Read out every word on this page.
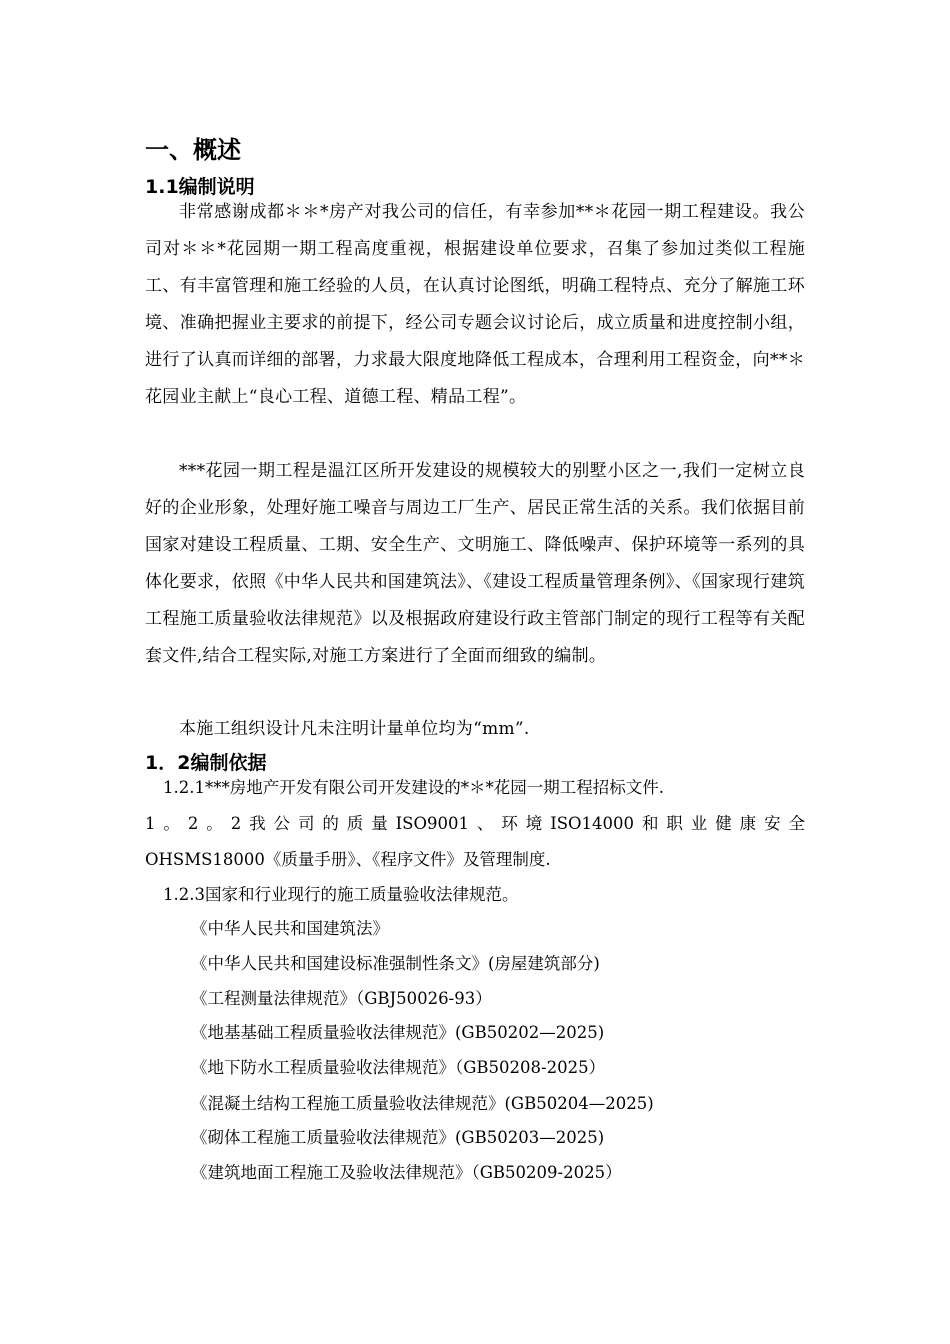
一、概述
1.1编制说明
非常感谢成都＊＊*房产对我公司的信任，有幸参加**＊花园一期工程建设。我公司对＊＊*花园期一期工程高度重视，根据建设单位要求，召集了参加过类似工程施工、有丰富管理和施工经验的人员，在认真讨论图纸，明确工程特点、充分了解施工环境、准确把握业主要求的前提下，经公司专题会议讨论后，成立质量和进度控制小组，进行了认真而详细的部署，力求最大限度地降低工程成本，合理利用工程资金，向**＊花园业主献上“良心工程、道德工程、精品工程”。
***花园一期工程是温江区所开发建设的规模较大的别墅小区之一,我们一定树立良好的企业形象，处理好施工噪音与周边工厂生产、居民正常生活的关系。我们依据目前国家对建设工程质量、工期、安全生产、文明施工、降低噪声、保护环境等一系列的具体化要求，依照《中华人民共和国建筑法》、《建设工程质量管理条例》、《国家现行建筑工程施工质量验收法律规范》以及根据政府建设行政主管部门制定的现行工程等有关配套文件,结合工程实际,对施工方案进行了全面而细致的编制。
本施工组织设计凡未注明计量单位均为“mm”.
1．2编制依据
1.2.1***房地产开发有限公司开发建设的*＊*花园一期工程招标文件.
1。2。2我公司的质量ISO9001、环境ISO14000和职业健康安全
OHSMS18000《质量手册》、《程序文件》及管理制度.
1.2.3国家和行业现行的施工质量验收法律规范。
《中华人民共和国建筑法》
《中华人民共和国建设标准强制性条文》(房屋建筑部分)
《工程测量法律规范》（GBJ50026-93）
《地基基础工程质量验收法律规范》(GB50202—2025)
《地下防水工程质量验收法律规范》（GB50208-2025）
《混凝土结构工程施工质量验收法律规范》(GB50204—2025)
《砌体工程施工质量验收法律规范》(GB50203—2025)
《建筑地面工程施工及验收法律规范》（GB50209-2025）
